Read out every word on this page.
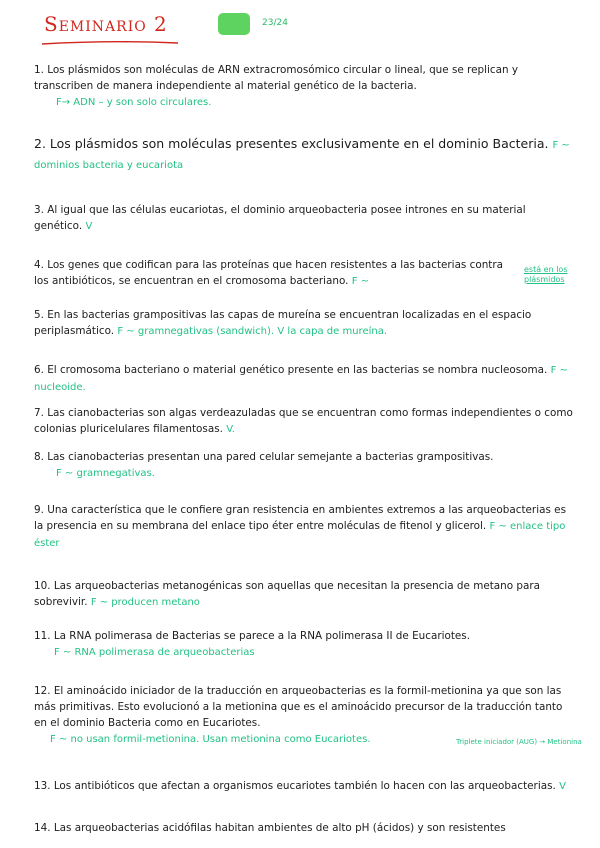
Seminario 2	23/24
1. Los plásmidos son moléculas de ARN extracromosómico circular o lineal, que se replican y transcriben de manera independiente al material genético de la bacteria.
F→ ADN – y son solo circulares.
2. Los plásmidos son moléculas presentes exclusivamente en el dominio Bacteria. F ~ dominios bacteria y eucariota
3. Al igual que las células eucariotas, el dominio arqueobacteria posee intrones en su material genético. V
4. Los genes que codifican para las proteínas que hacen resistentes a las bacterias contra los antibióticos, se encuentran en el cromosoma bacteriano. F ~
está en los plásmidos
5. En las bacterias grampositivas las capas de mureína se encuentran localizadas en el espacio periplasmático. F ~ gramnegativas (sandwich). V la capa de mureína.
6. El cromosoma bacteriano o material genético presente en las bacterias se nombra nucleosoma. F ~ nucleoide.
7. Las cianobacterias son algas verdeazuladas que se encuentran como formas independientes o como colonias pluricelulares filamentosas. V.
8. Las cianobacterias presentan una pared celular semejante a bacterias grampositivas.
F ~ gramnegativas.
9. Una característica que le confiere gran resistencia en ambientes extremos a las arqueobacterias es la presencia en su membrana del enlace tipo éter entre moléculas de fitenol y glicerol. F ~ enlace tipo éster
10. Las arqueobacterias metanogénicas son aquellas que necesitan la presencia de metano para sobrevivir. F ~ producen metano
11. La RNA polimerasa de Bacterias se parece a la RNA polimerasa II de Eucariotes.
F ~ RNA polimerasa de arqueobacterias
12. El aminoácido iniciador de la traducción en arqueobacterias es la formil-metionina ya que son las más primitivas. Esto evolucionó a la metionina que es el aminoácido precursor de la traducción tanto en el dominio Bacteria como en Eucariotes.
F ~ no usan formil-metionina. Usan metionina como Eucariotes.	Triplete iniciador (AUG) → Metionina
13. Los antibióticos que afectan a organismos eucariotes también lo hacen con las arqueobacterias. V
14. Las arqueobacterias acidófilas habitan ambientes de alto pH (ácidos) y son resistentes
